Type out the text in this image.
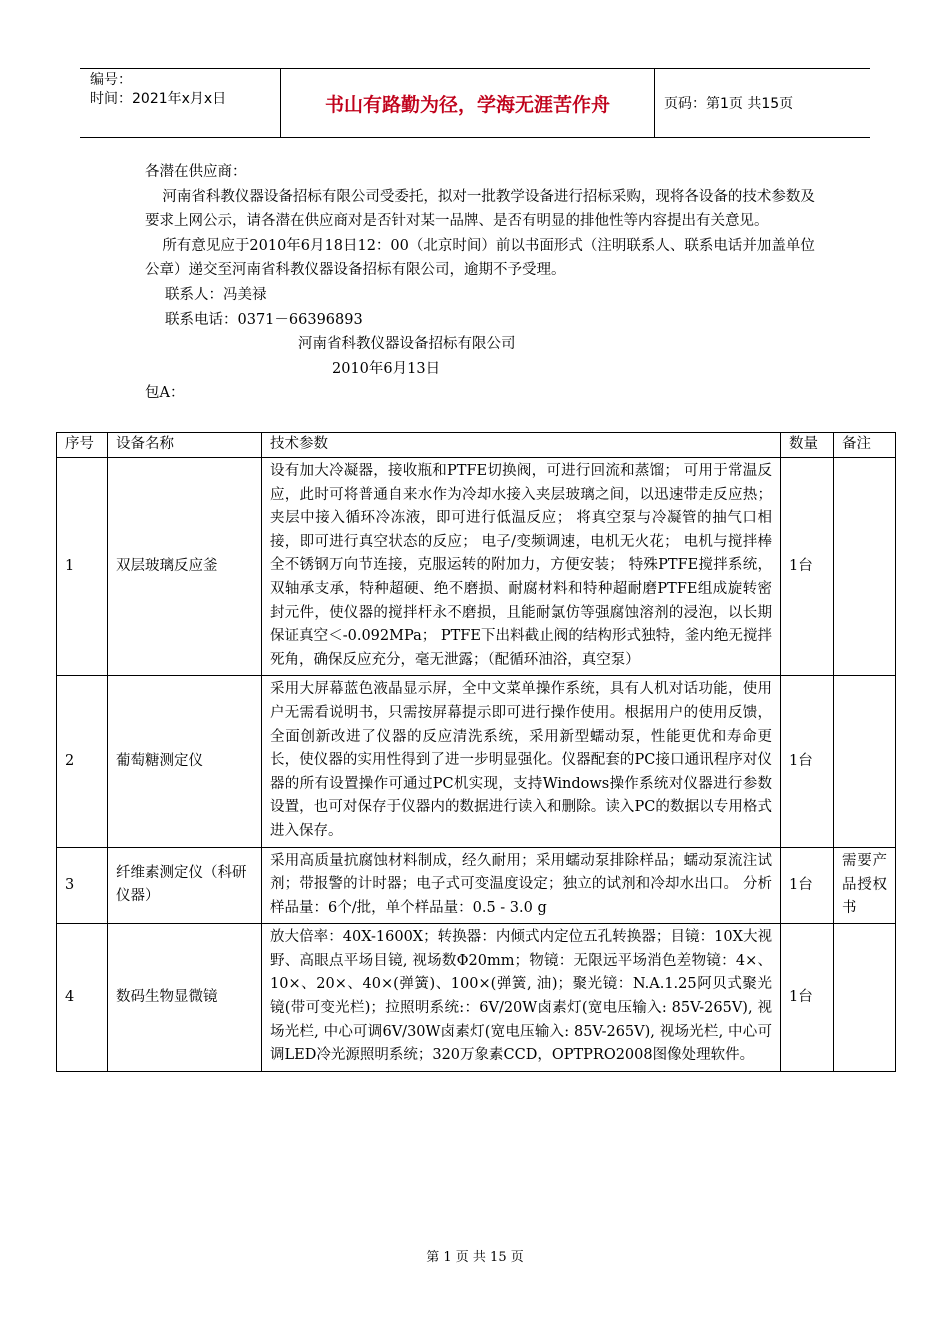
编号：
时间：2021年x月x日	书山有路勤为径，学海无涯苦作舟	页码：第1页 共15页

各潜在供应商：

河南省科教仪器设备招标有限公司受委托，拟对一批教学设备进行招标采购，现将各设备的技术参数及要求上网公示，请各潜在供应商对是否针对某一品牌、是否有明显的排他性等内容提出有关意见。

所有意见应于2010年6月18日12：00（北京时间）前以书面形式（注明联系人、联系电话并加盖单位公章）递交至河南省科教仪器设备招标有限公司，逾期不予受理。

联系人：冯美禄

联系电话：0371－66396893

河南省科教仪器设备招标有限公司

2010年6月13日

包A：

序号	设备名称	技术参数	数量	备注
1	双层玻璃反应釜	设有加大冷凝器，接收瓶和PTFE切换阀，可进行回流和蒸馏； 可用于常温反应，此时可将普通自来水作为冷却水接入夹层玻璃之间，以迅速带走反应热； 夹层中接入循环冷冻液，即可进行低温反应； 将真空泵与冷凝管的抽气口相接，即可进行真空状态的反应； 电子/变频调速，电机无火花； 电机与搅拌棒全不锈钢万向节连接，克服运转的附加力，方便安装； 特殊PTFE搅拌系统，双轴承支承，特种超硬、绝不磨损、耐腐材料和特种超耐磨PTFE组成旋转密封元件，使仪器的搅拌杆永不磨损，且能耐氯仿等强腐蚀溶剂的浸泡，以长期保证真空＜-0.092MPa； PTFE下出料截止阀的结构形式独特，釜内绝无搅拌死角，确保反应充分，毫无泄露；（配循环油浴，真空泵）	1台	
2	葡萄糖测定仪	采用大屏幕蓝色液晶显示屏，全中文菜单操作系统，具有人机对话功能，使用户无需看说明书，只需按屏幕提示即可进行操作使用。根据用户的使用反馈，全面创新改进了仪器的反应清洗系统，采用新型蠕动泵，性能更优和寿命更长，使仪器的实用性得到了进一步明显强化。仪器配套的PC接口通讯程序对仪器的所有设置操作可通过PC机实现，支持Windows操作系统对仪器进行参数设置，也可对保存于仪器内的数据进行读入和删除。读入PC的数据以专用格式进入保存。	1台	
3	纤维素测定仪（科研仪器）	采用高质量抗腐蚀材料制成，经久耐用；采用蠕动泵排除样品；蠕动泵流注试剂；带报警的计时器；电子式可变温度设定；独立的试剂和冷却水出口。 分析样品量：6个/批，单个样品量：0.5 - 3.0 g	1台	需要产品授权书
4	数码生物显微镜	放大倍率：40X-1600X；转换器：内倾式内定位五孔转换器；目镜：10X大视野、高眼点平场目镜, 视场数Φ20mm；物镜：无限远平场消色差物镜：4×、10×、20×、40×(弹簧)、100×(弹簧, 油)；聚光镜：N.A.1.25阿贝式聚光镜(带可变光栏)；拉照明系统:：6V/20W卤素灯(宽电压输入: 85V-265V), 视场光栏, 中心可调6V/30W卤素灯(宽电压输入: 85V-265V), 视场光栏, 中心可调LED冷光源照明系统；320万象素CCD，OPTPRO2008图像处理软件。	1台	
第 1 页 共 15 页
